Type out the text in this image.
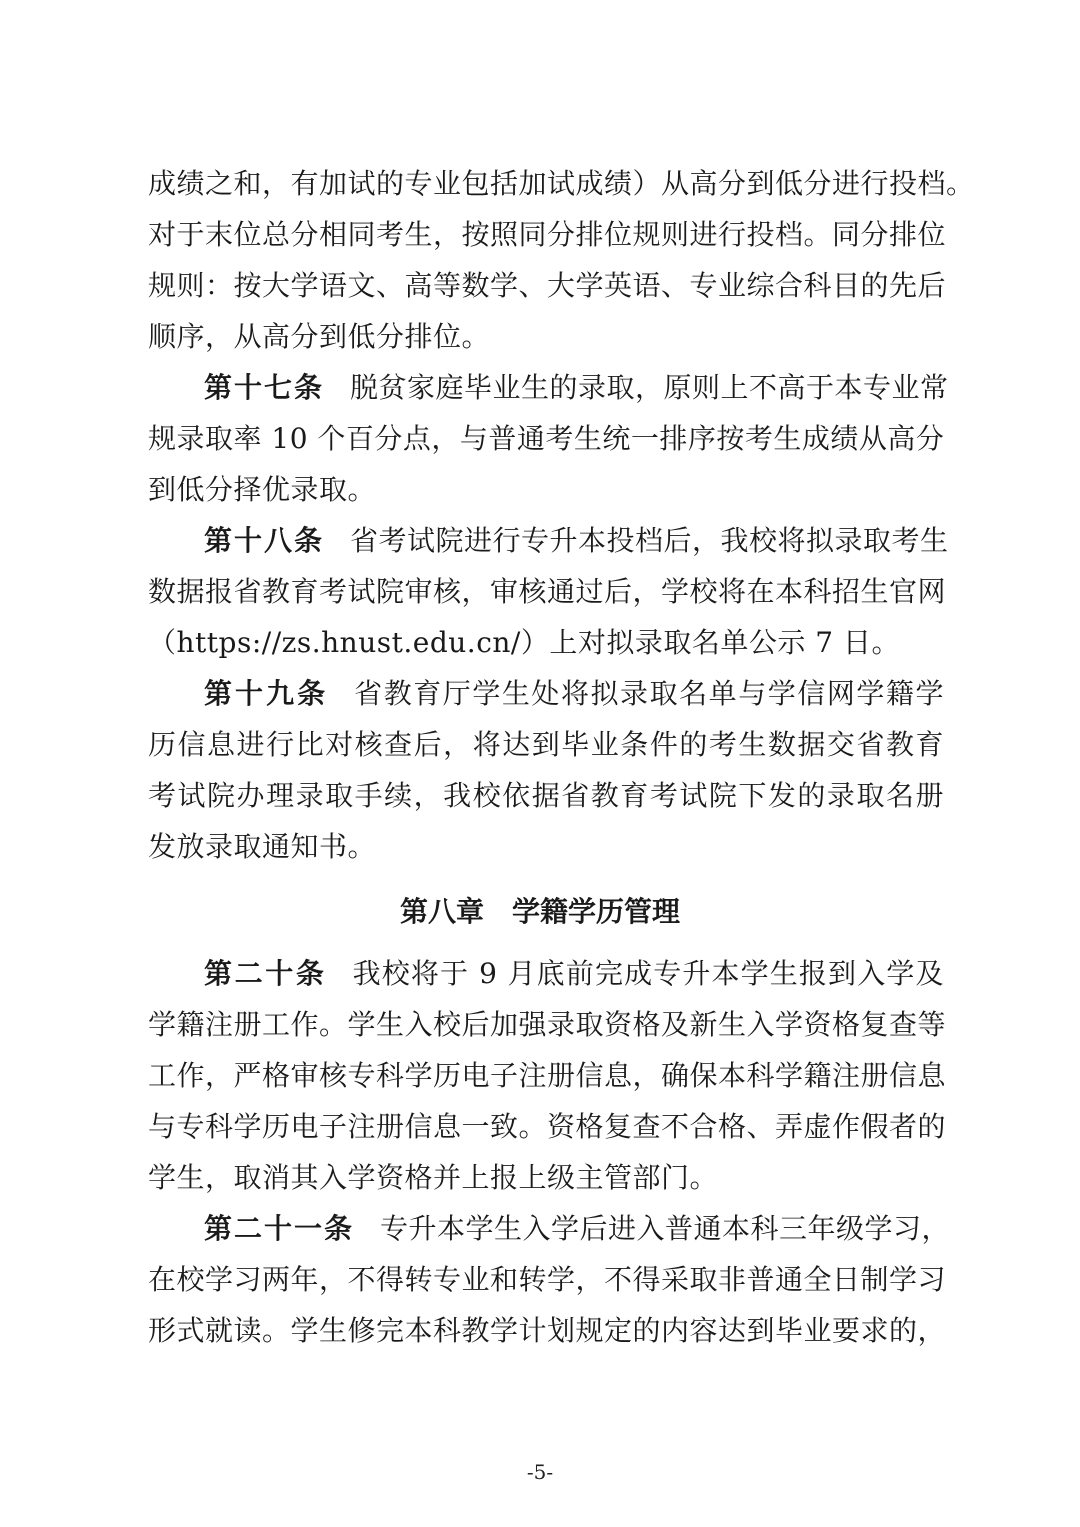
成绩之和，有加试的专业包括加试成绩）从高分到低分进行投档。
对于末位总分相同考生，按照同分排位规则进行投档。同分排位
规则：按大学语文、高等数学、大学英语、专业综合科目的先后
顺序，从高分到低分排位。
第十七条 脱贫家庭毕业生的录取，原则上不高于本专业常
规录取率 10 个百分点，与普通考生统一排序按考生成绩从高分
到低分择优录取。
第十八条 省考试院进行专升本投档后，我校将拟录取考生
数据报省教育考试院审核，审核通过后，学校将在本科招生官网
（https://zs.hnust.edu.cn/）上对拟录取名单公示 7 日。
第十九条 省教育厅学生处将拟录取名单与学信网学籍学
历信息进行比对核查后，将达到毕业条件的考生数据交省教育
考试院办理录取手续，我校依据省教育考试院下发的录取名册
发放录取通知书。
第八章 学籍学历管理
第二十条 我校将于 9 月底前完成专升本学生报到入学及
学籍注册工作。学生入校后加强录取资格及新生入学资格复查等
工作，严格审核专科学历电子注册信息，确保本科学籍注册信息
与专科学历电子注册信息一致。资格复查不合格、弄虚作假者的
学生，取消其入学资格并上报上级主管部门。
第二十一条 专升本学生入学后进入普通本科三年级学习，
在校学习两年，不得转专业和转学，不得采取非普通全日制学习
形式就读。学生修完本科教学计划规定的内容达到毕业要求的，
-5-
